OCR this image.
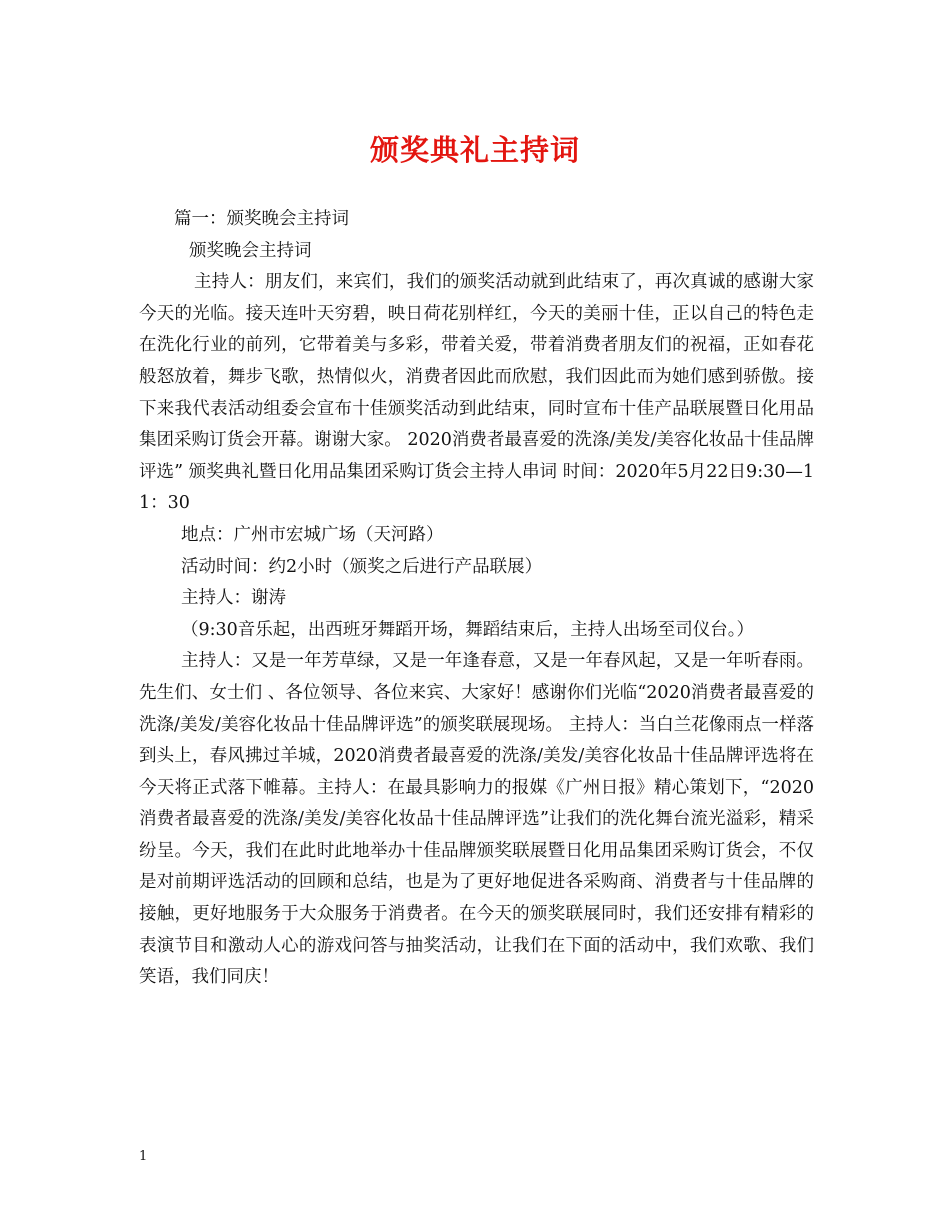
颁奖典礼主持词

篇一：颁奖晚会主持词

颁奖晚会主持词

主持人：朋友们，来宾们，我们的颁奖活动就到此结束了，再次真诚的感谢大家今天的光临。接天连叶天穷碧，映日荷花别样红，今天的美丽十佳，正以自己的特色走在洗化行业的前列，它带着美与多彩，带着关爱，带着消费者朋友们的祝福，正如春花般怒放着，舞步飞歌，热情似火，消费者因此而欣慰，我们因此而为她们感到骄傲。接下来我代表活动组委会宣布十佳颁奖活动到此结束，同时宣布十佳产品联展暨日化用品集团采购订货会开幕。谢谢大家。 2020消费者最喜爱的洗涤/美发/美容化妆品十佳品牌评选” 颁奖典礼暨日化用品集团采购订货会主持人串词 时间：2020年5月22日9:30—11：30

地点：广州市宏城广场（天河路）

活动时间：约2小时（颁奖之后进行产品联展）

主持人：谢涛

（9:30音乐起，出西班牙舞蹈开场，舞蹈结束后，主持人出场至司仪台。）

主持人：又是一年芳草绿，又是一年逢春意，又是一年春风起，又是一年听春雨。先生们、女士们 、各位领导、各位来宾、大家好！感谢你们光临“2020消费者最喜爱的洗涤/美发/美容化妆品十佳品牌评选”的颁奖联展现场。 主持人：当白兰花像雨点一样落到头上，春风拂过羊城，2020消费者最喜爱的洗涤/美发/美容化妆品十佳品牌评选将在今天将正式落下帷幕。主持人：在最具影响力的报媒《广州日报》精心策划下，“2020消费者最喜爱的洗涤/美发/美容化妆品十佳品牌评选”让我们的洗化舞台流光溢彩，精采纷呈。今天，我们在此时此地举办十佳品牌颁奖联展暨日化用品集团采购订货会，不仅是对前期评选活动的回顾和总结，也是为了更好地促进各采购商、消费者与十佳品牌的接触，更好地服务于大众服务于消费者。在今天的颁奖联展同时，我们还安排有精彩的表演节目和激动人心的游戏问答与抽奖活动，让我们在下面的活动中，我们欢歌、我们笑语，我们同庆！

1
